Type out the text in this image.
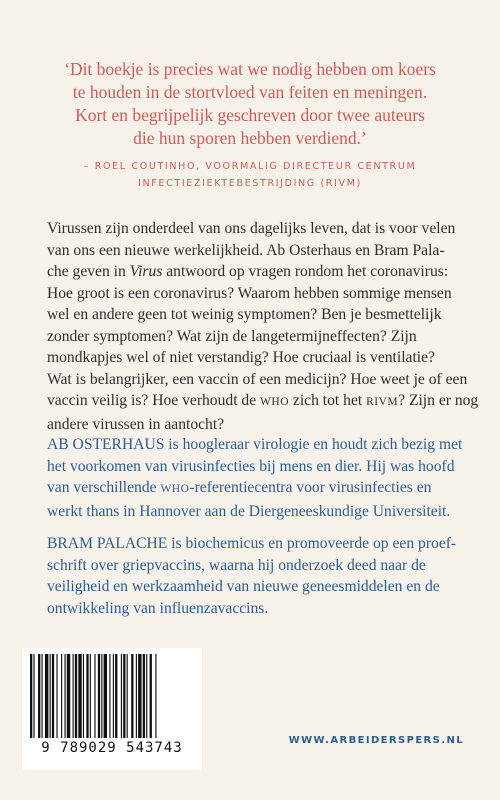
‘Dit boekje is precies wat we nodig hebben om koers
te houden in de stortvloed van feiten en meningen.
Kort en begrijpelijk geschreven door twee auteurs
die hun sporen hebben verdiend.’
– ROEL COUTINHO, VOORMALIG DIRECTEUR CENTRUM
INFECTIEZIEKTEBESTRIJDING (RIVM)
Virussen zijn onderdeel van ons dagelijks leven, dat is voor velen
van ons een nieuwe werkelijkheid. Ab Osterhaus en Bram Pala-
che geven in Virus antwoord op vragen rondom het coronavirus:
Hoe groot is een coronavirus? Waarom hebben sommige mensen
wel en andere geen tot weinig symptomen? Ben je besmettelijk
zonder symptomen? Wat zijn de langetermijneffecten? Zijn
mondkapjes wel of niet verstandig? Hoe cruciaal is ventilatie?
Wat is belangrijker, een vaccin of een medicijn? Hoe weet je of een
vaccin veilig is? Hoe verhoudt de WHO zich tot het RIVM? Zijn er nog
andere virussen in aantocht?
AB OSTERHAUS is hoogleraar virologie en houdt zich bezig met
het voorkomen van virusinfecties bij mens en dier. Hij was hoofd
van verschillende WHO-referentiecentra voor virusinfecties en
werkt thans in Hannover aan de Diergeneeskundige Universiteit.
BRAM PALACHE is biochemicus en promoveerde op een proef-
schrift over griepvaccins, waarna hij onderzoek deed naar de
veiligheid en werkzaamheid van nieuwe geneesmiddelen en de
ontwikkeling van influenzavaccins.
9 789029 543743	WWW.ARBEIDERSPERS.NL
